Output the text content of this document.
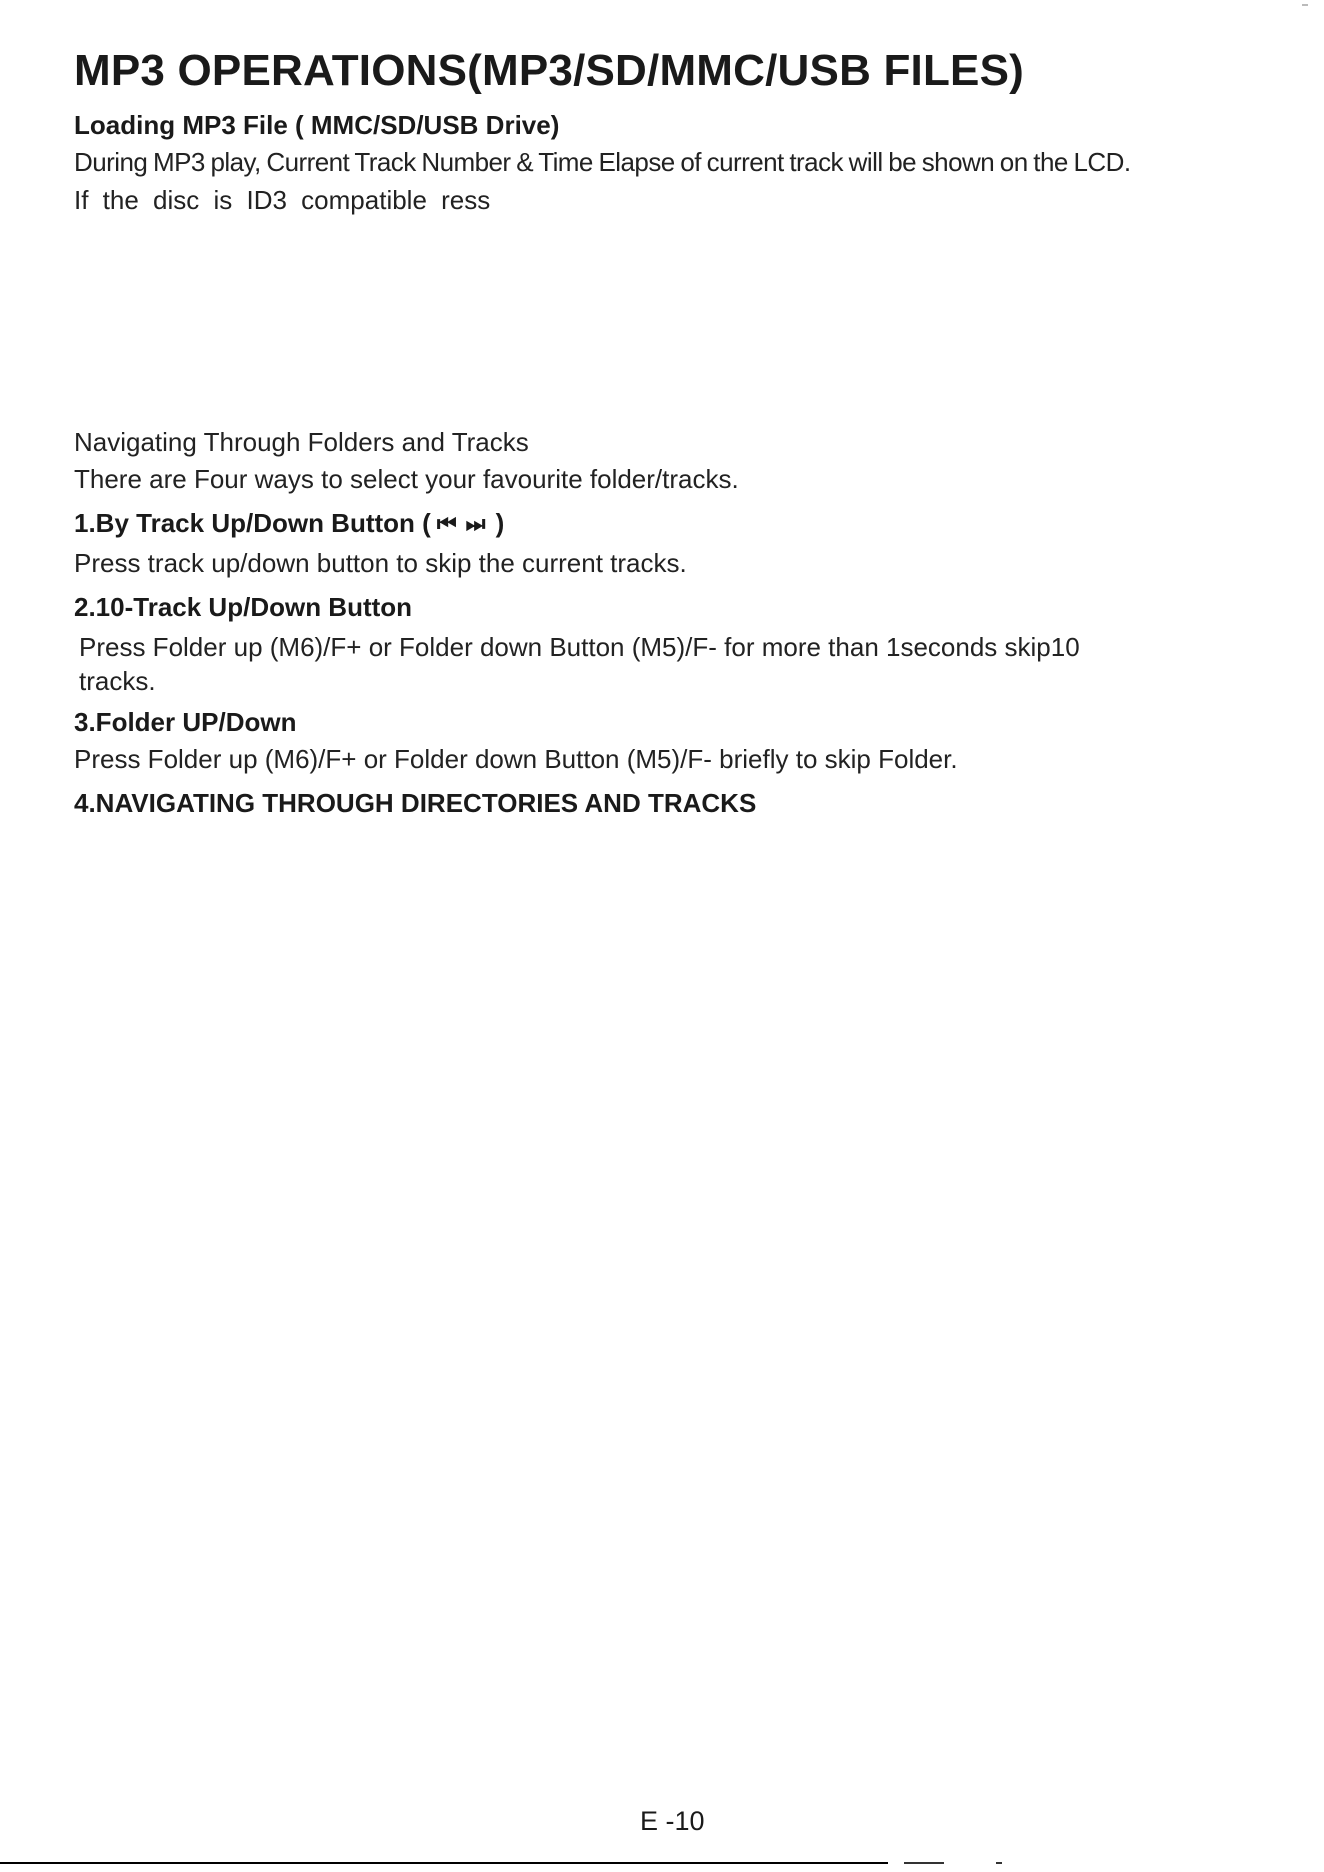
MP3 OPERATIONS(MP3/SD/MMC/USB FILES)
Loading MP3 File ( MMC/SD/USB Drive)
During MP3 play, Current Track Number & Time Elapse of current track will be shown on the LCD.
If the disc is ID3 compatible ress
Navigating Through Folders and Tracks
There are Four ways to select your favourite folder/tracks.
1.By Track Up/Down Button ( ⏮ ⏭ )
Press track up/down button to skip the current tracks.
2.10-Track Up/Down Button
Press Folder up (M6)/F+ or Folder down Button (M5)/F- for more than 1seconds skip10
tracks.
3.Folder UP/Down
Press Folder up (M6)/F+ or Folder down Button (M5)/F- briefly to skip Folder.
4.NAVIGATING THROUGH DIRECTORIES AND TRACKS
E -10
